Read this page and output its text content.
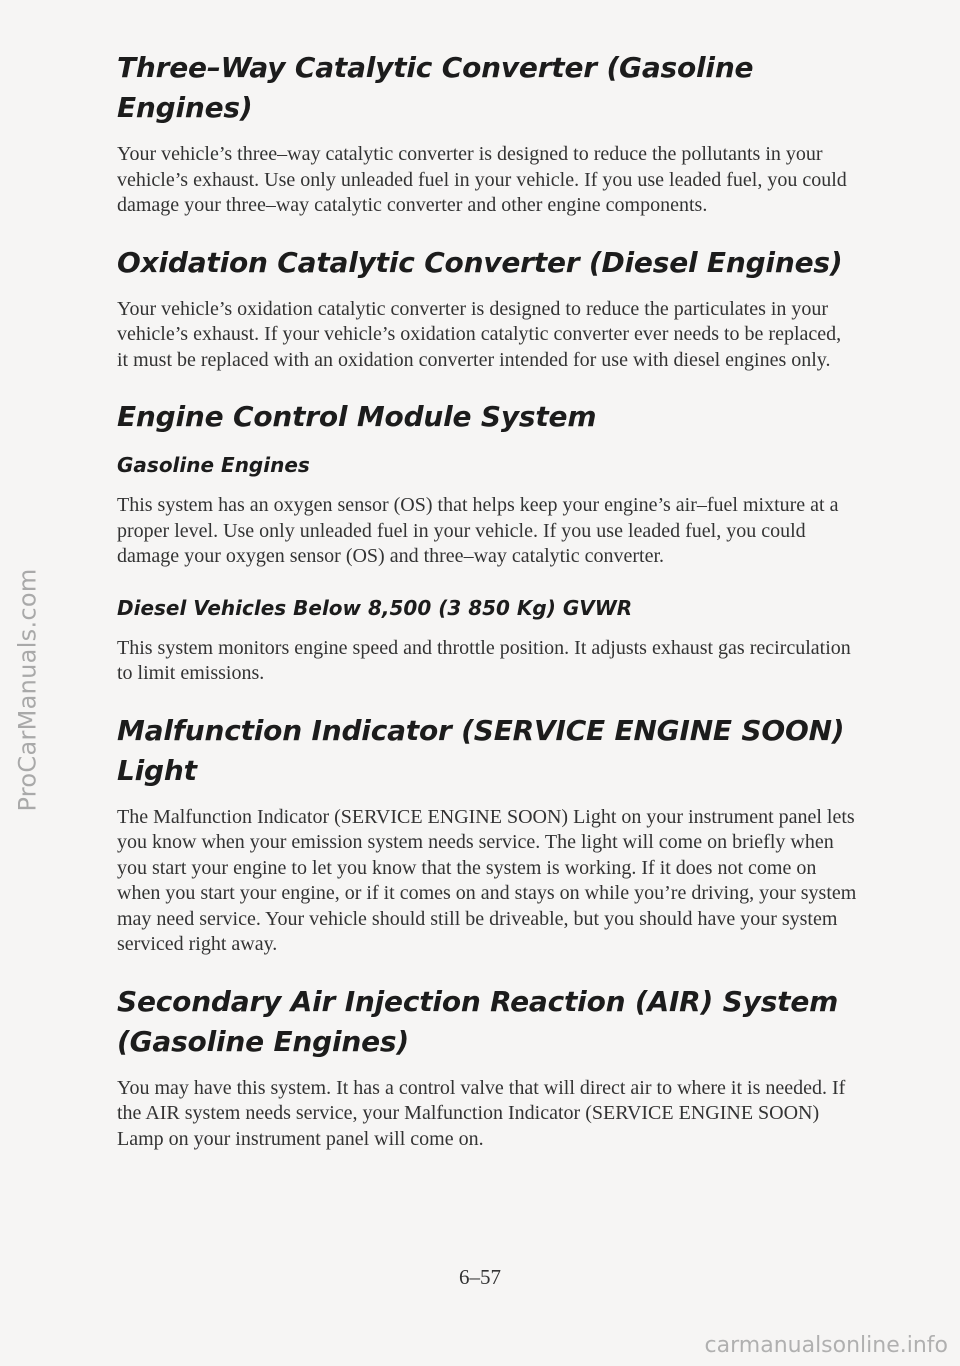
ProCarManuals.com
Three–Way Catalytic Converter (Gasoline Engines)

Your vehicle’s three–way catalytic converter is designed to reduce the pollutants in your vehicle’s exhaust. Use only unleaded fuel in your vehicle. If you use leaded fuel, you could damage your three–way catalytic converter and other engine components.

Oxidation Catalytic Converter (Diesel Engines)

Your vehicle’s oxidation catalytic converter is designed to reduce the particulates in your vehicle’s exhaust. If your vehicle’s oxidation catalytic converter ever needs to be replaced, it must be replaced with an oxidation converter intended for use with diesel engines only.

Engine Control Module System
Gasoline Engines

This system has an oxygen sensor (OS) that helps keep your engine’s air–fuel mixture at a proper level. Use only unleaded fuel in your vehicle. If you use leaded fuel, you could damage your oxygen sensor (OS) and three–way catalytic converter.

Diesel Vehicles Below 8,500 (3 850 Kg) GVWR

This system monitors engine speed and throttle position. It adjusts exhaust gas recirculation to limit emissions.

Malfunction Indicator (SERVICE ENGINE SOON) Light

The Malfunction Indicator (SERVICE ENGINE SOON) Light on your instrument panel lets you know when your emission system needs service. The light will come on briefly when you start your engine to let you know that the system is working. If it does not come on when you start your engine, or if it comes on and stays on while you’re driving, your system may need service. Your vehicle should still be driveable, but you should have your system serviced right away.

Secondary Air Injection Reaction (AIR) System (Gasoline Engines)

You may have this system. It has a control valve that will direct air to where it is needed. If the AIR system needs service, your Malfunction Indicator (SERVICE ENGINE SOON) Lamp on your instrument panel will come on.

6–57
carmanualsonline.info
